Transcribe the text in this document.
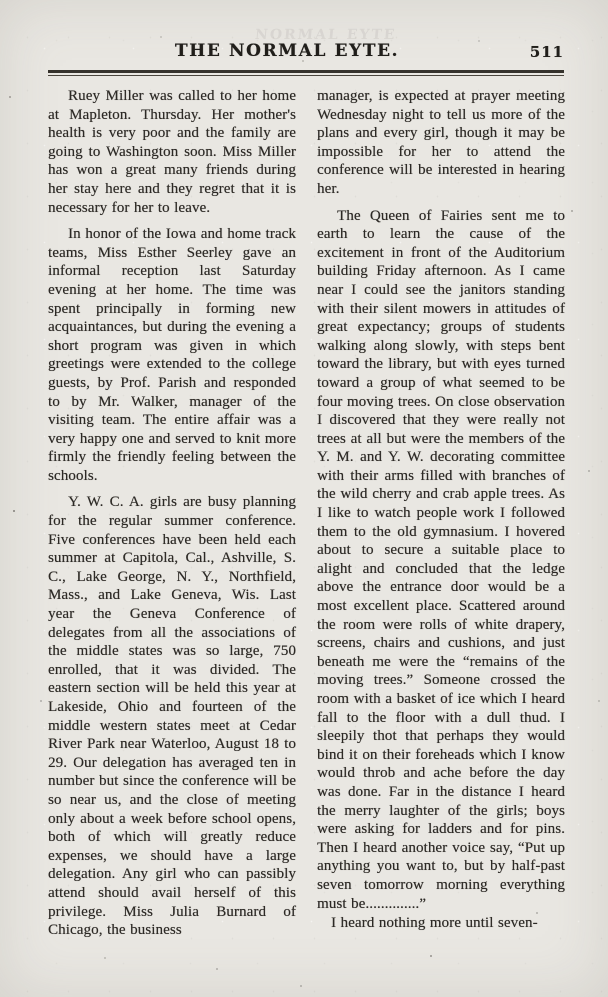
NORMAL EYTE

THE NORMAL EYTE.	511

Ruey Miller was called to her home at Mapleton. Thursday. Her mother's health is very poor and the family are going to Washington soon. Miss Miller has won a great many friends during her stay here and they regret that it is necessary for her to leave.

In honor of the Iowa and home track teams, Miss Esther Seerley gave an informal reception last Saturday evening at her home. The time was spent principally in forming new acquaintances, but during the evening a short program was given in which greetings were extended to the college guests, by Prof. Parish and responded to by Mr. Walker, manager of the visiting team. The entire affair was a very happy one and served to knit more firmly the friendly feeling between the schools.

Y. W. C. A. girls are busy planning for the regular summer conference. Five conferences have been held each summer at Capitola, Cal., Ashville, S. C., Lake George, N. Y., Northfield, Mass., and Lake Geneva, Wis. Last year the Geneva Conference of delegates from all the associations of the middle states was so large, 750 enrolled, that it was divided. The eastern section will be held this year at Lakeside, Ohio and fourteen of the middle western states meet at Cedar River Park near Waterloo, August 18 to 29. Our delegation has averaged ten in number but since the conference will be so near us, and the close of meeting only about a week before school opens, both of which will greatly reduce expenses, we should have a large delegation. Any girl who can passibly attend should avail herself of this privilege. Miss Julia Burnard of Chicago, the business

manager, is expected at prayer meeting Wednesday night to tell us more of the plans and every girl, though it may be impossible for her to attend the conference will be interested in hearing her.

The Queen of Fairies sent me to earth to learn the cause of the excitement in front of the Auditorium building Friday afternoon. As I came near I could see the janitors standing with their silent mowers in attitudes of great expectancy; groups of students walking along slowly, with steps bent toward the library, but with eyes turned toward a group of what seemed to be four moving trees. On close observation I discovered that they were really not trees at all but were the members of the Y. M. and Y. W. decorating committee with their arms filled with branches of the wild cherry and crab apple trees. As I like to watch people work I followed them to the old gymnasium. I hovered about to secure a suitable place to alight and concluded that the ledge above the entrance door would be a most excellent place. Scattered around the room were rolls of white drapery, screens, chairs and cushions, and just beneath me were the “remains of the moving trees.” Someone crossed the room with a basket of ice which I heard fall to the floor with a dull thud. I sleepily thot that perhaps they would bind it on their foreheads which I know would throb and ache before the day was done. Far in the distance I heard the merry laughter of the girls; boys were asking for ladders and for pins. Then I heard another voice say, “Put up anything you want to, but by half-past seven tomorrow morning everything must be..............”

I heard nothing more until seven-
